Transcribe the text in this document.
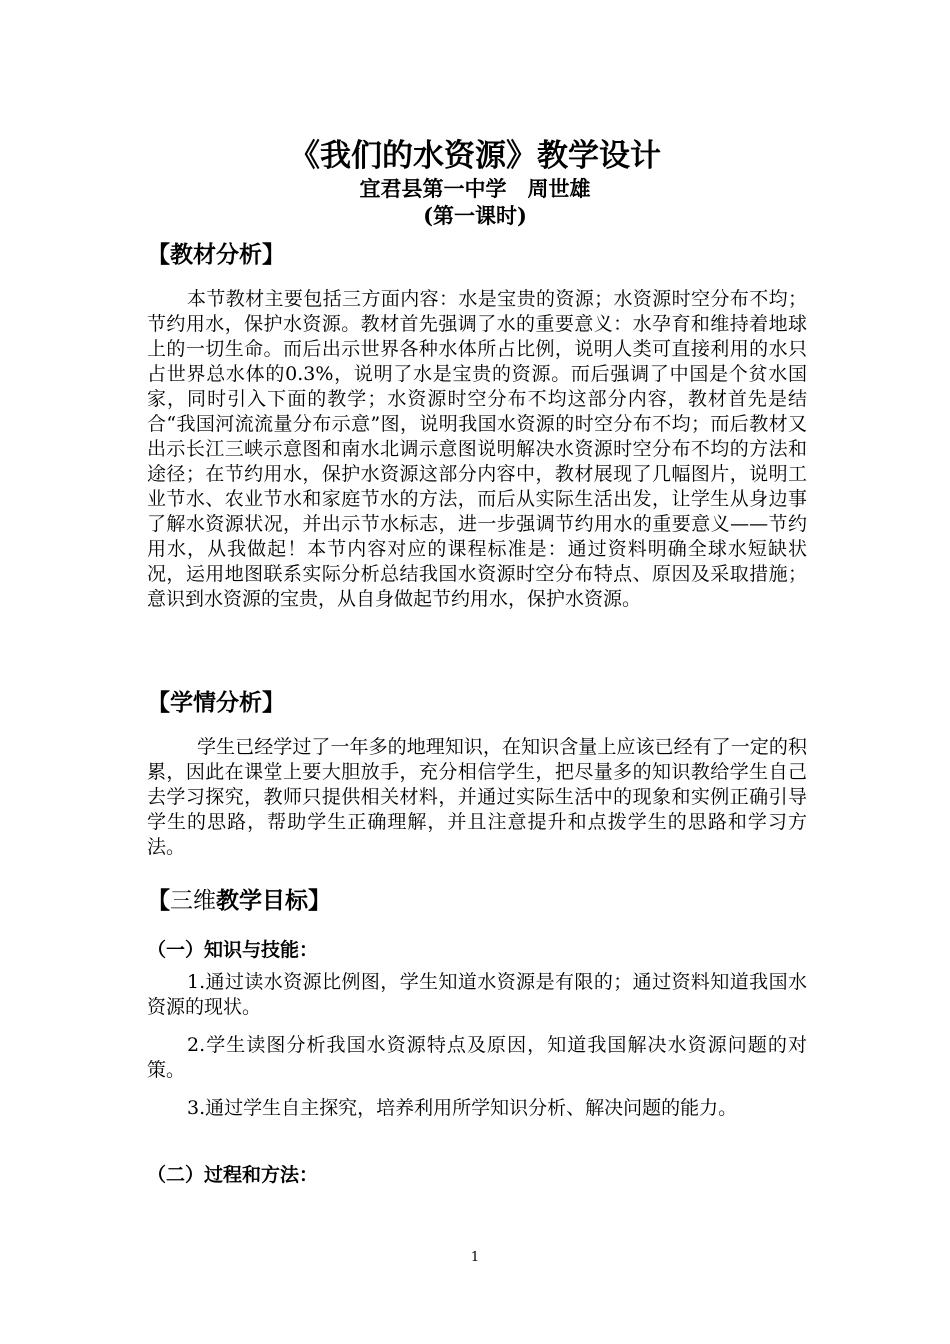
《我们的水资源》教学设计
宜君县第一中学　周世雄
(第一课时)
【教材分析】
本节教材主要包括三方面内容：水是宝贵的资源；水资源时空分布不均；节约用水，保护水资源。教材首先强调了水的重要意义：水孕育和维持着地球上的一切生命。而后出示世界各种水体所占比例，说明人类可直接利用的水只占世界总水体的0.3%，说明了水是宝贵的资源。而后强调了中国是个贫水国家，同时引入下面的教学；水资源时空分布不均这部分内容，教材首先是结合“我国河流流量分布示意”图，说明我国水资源的时空分布不均；而后教材又出示长江三峡示意图和南水北调示意图说明解决水资源时空分布不均的方法和途径；在节约用水，保护水资源这部分内容中，教材展现了几幅图片，说明工业节水、农业节水和家庭节水的方法，而后从实际生活出发，让学生从身边事了解水资源状况，并出示节水标志，进一步强调节约用水的重要意义——节约用水，从我做起！本节内容对应的课程标准是：通过资料明确全球水短缺状况，运用地图联系实际分析总结我国水资源时空分布特点、原因及采取措施；意识到水资源的宝贵，从自身做起节约用水，保护水资源。
【学情分析】
学生已经学过了一年多的地理知识，在知识含量上应该已经有了一定的积累，因此在课堂上要大胆放手，充分相信学生，把尽量多的知识教给学生自己去学习探究，教师只提供相关材料，并通过实际生活中的现象和实例正确引导学生的思路，帮助学生正确理解，并且注意提升和点拨学生的思路和学习方法。
【三维教学目标】
（一）知识与技能：
1.通过读水资源比例图，学生知道水资源是有限的；通过资料知道我国水资源的现状。
2.学生读图分析我国水资源特点及原因，知道我国解决水资源问题的对策。
3.通过学生自主探究，培养利用所学知识分析、解决问题的能力。
（二）过程和方法：
1
